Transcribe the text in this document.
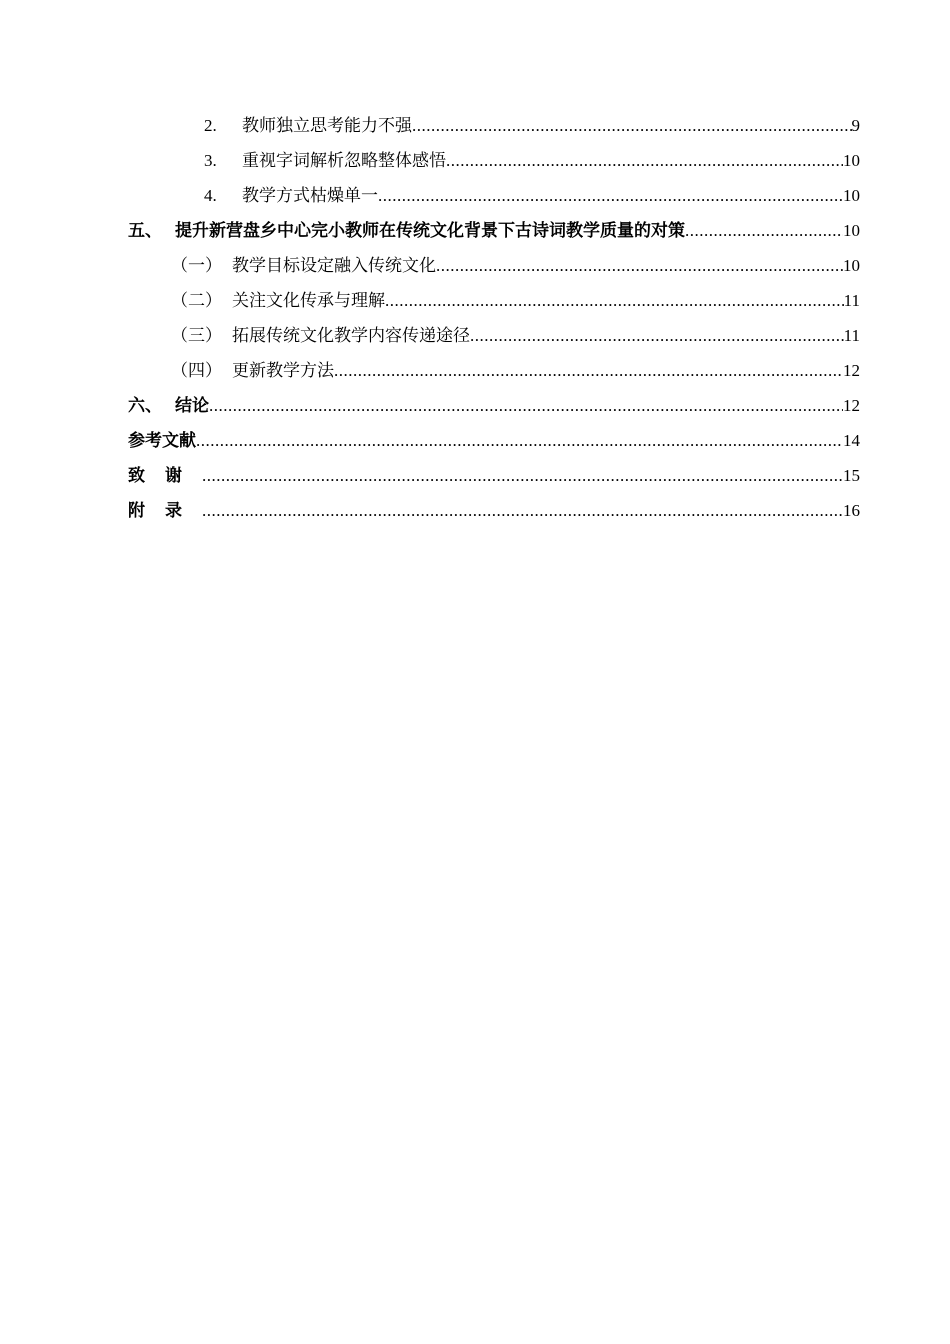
2.	教师独立思考能力不强 .....	9
3.	重视字词解析忽略整体感悟 .....	10
4.	教学方式枯燥单一 .....	10
五、 提升新营盘乡中心完小教师在传统文化背景下古诗词教学质量的对策 .....	10
（一） 教学目标设定融入传统文化 .....	10
（二） 关注文化传承与理解 .....	11
（三） 拓展传统文化教学内容传递途径 .....	11
（四） 更新教学方法 .....	12
六、 结论 .....	12
参考文献 .....	14
致谢 .....	15
附录 .....	16
